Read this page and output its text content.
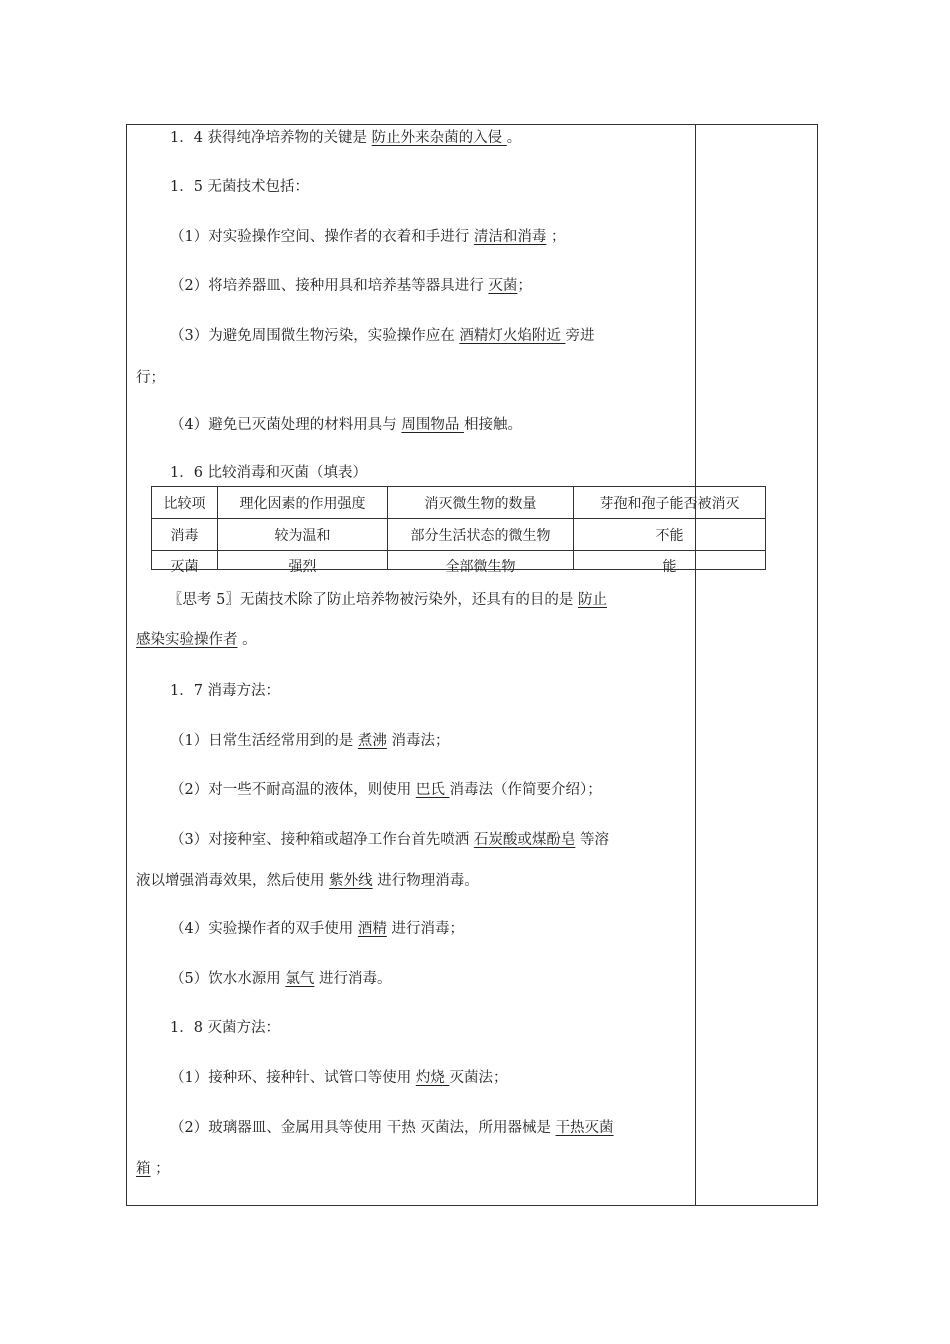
1．4 获得纯净培养物的关键是 防止外来杂菌的入侵 。
1．5 无菌技术包括：
（1）对实验操作空间、操作者的衣着和手进行 清洁和消毒 ；
（2）将培养器皿、接种用具和培养基等器具进行 灭菌；
（3）为避免周围微生物污染，实验操作应在 酒精灯火焰附近 旁进
行；
（4）避免已灭菌处理的材料用具与 周围物品 相接触。
1．6 比较消毒和灭菌（填表）
比较项	理化因素的作用强度	消灭微生物的数量	芽孢和孢子能否被消灭
消毒	较为温和	部分生活状态的微生物	不能
灭菌	强烈	全部微生物	能
〖思考 5〗无菌技术除了防止培养物被污染外，还具有的目的是 防止
感染实验操作者 。
1．7 消毒方法：
（1）日常生活经常用到的是 煮沸 消毒法；
（2）对一些不耐高温的液体，则使用 巴氏 消毒法（作简要介绍）；
（3）对接种室、接种箱或超净工作台首先喷洒 石炭酸或煤酚皂 等溶
液以增强消毒效果，然后使用 紫外线 进行物理消毒。
（4）实验操作者的双手使用 酒精 进行消毒；
（5）饮水水源用 氯气 进行消毒。
1．8 灭菌方法：
（1）接种环、接种针、试管口等使用 灼烧 灭菌法；
（2）玻璃器皿、金属用具等使用 干热 灭菌法，所用器械是 干热灭菌
箱 ；
